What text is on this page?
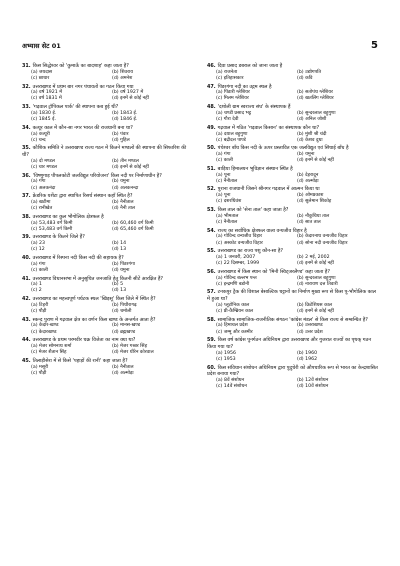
अभ्यास सेट 01	5
31. किस सिद्धेश्वर को 'कुमाऊँ का बादशाह' कहा जाता है?
(a) जयदास	(b) शिवराय
(c) छाधार	(d) अमनेश
32. उत्तराखण्ड में प्रथम बार नगर पंचायतों का गठन किया गया
(a) वर्ष 1921 में	(b) वर्ष 1927 में
(c) वर्ष 1831 में	(d) इनमें से कोई नहीं
33. 'गढ़वाल ट्रॉपिकल पार्क' की स्थापना कब हुई थी?
(a) 1830 ई.	(b) 1843 ई.
(c) 1845 ई.	(d) 1846 ई.
34. कत्यूर काल में कौन-सा नगर भारत की राजधानी बना था?
(a) कत्यूरी	(b) पंवार
(c) चन्द	(d) गुहिल
35. कौशिक समिति ने उत्तराखण्ड राज्य गठन में कितने मण्डलों की स्थापना की सिफारिश की थी?
(a) दो मण्डल	(b) तीन मण्डल
(c) चार मण्डल	(d) इनमें से कोई नहीं
36. 'विष्णुगाड़ पीपलकोटी जलविद्युत परियोजना' किस नदी पर निर्माणाधीन है?
(a) गंगा	(b) यमुना
(c) अलकनंदा	(d) अलकनन्दा
37. फ्रेडरिक यशेंटा द्वारा स्थापित रिसर्च संस्थान कहाँ स्थित है?
(a) खटीमा	(b) नैनीताल
(c) रानीखेत	(d) नैनी ताल
38. उत्तराखण्ड का कुल भौगोलिक क्षेत्रफल है
(a) 53,483 वर्ग किमी	(b) 60,460 वर्ग किमी
(c) 53,483 वर्ग किमी	(d) 65,460 वर्ग किमी
39. उत्तराखण्ड के कितने जिले हैं?
(a) 23	(b) 14
(c) 12	(d) 13
40. उत्तराखण्ड में रिस्पना नदी किस नदी की सहायक है?
(a) गंगा	(b) पिंडरगंगा
(c) काली	(d) यमुना
41. उत्तराखण्ड विधानसभा में अनुसूचित जनजाति हेतु कितनी सीटें आरक्षित हैं?
(a) 1	(b) 5
(c) 2	(d) 13
42. उत्तराखण्ड का महत्त्वपूर्ण पर्यटक स्थल 'खिड़सू' किस जिले में स्थित है?
(a) टिहरी	(b) पिथौरागढ़
(c) पौड़ी	(d) चमोली
43. स्कन्द पुराण में गढ़वाल क्षेत्र का वर्णन किस खण्ड के अन्तर्गत आता है?
(a) केदार-खण्ड	(b) मानस-खण्ड
(c) केदारखण्ड	(d) ब्रह्मखण्ड
44. उत्तराखण्ड के प्रथम परमवीर चक्र विजेता का नाम क्या था?
(a) मेजर सोमनाथ शर्मा	(b) मेजर गब्बर सिंह
(c) मेजर शैतान सिंह	(d) मेजर धीरेन कोरवाल
45. तिलाड़ीसेरा में से किसे 'पहाड़ों की रानी' कहा जाता है?
(a) मसूरी	(b) नैनीताल
(c) पौड़ी	(d) अल्मोड़ा
46. दिवा प्रसाद डबराल को जाना जाता है
(a) राजनेता	(b) उद्योगपति
(c) इतिहासकार	(d) कवि
47. पिंडरगंगा नदी का उद्गम स्थल है
(a) पिंडारी ग्लेशियर	(b) सतोपंथ ग्लेशियर
(c) मिलम ग्लेशियर	(d) खतलिंग ग्लेशियर
48. 'दशोली ग्राम स्वराज्य संघ' के संस्थापक हैं
(a) चण्डी प्रसाद भट्ट	(b) सुन्दरलाल बहुगुणा
(c) गौरा देवी	(d) अनिल जोशी
49. गढ़वाल में गठित 'गढ़वाल किसान' का संस्थापक कौन था?
(a) दयाल बहुगुणा	(b) मुंशी श्री चंदी
(c) बद्रीदत्त पाण्डे	(d) केशव दुधा
50. पंचेश्वर बाँध किस नदी के ऊपर प्रस्तावित एक जलविद्युत एवं सिंचाई बाँध है
(a) गंगा	(b) यमुना
(c) काली	(d) इनमें से कोई नहीं
51. बाड़िया हिमालयन भूविज्ञान संस्थान स्थित है
(a) पूना	(b) देहरादून
(c) नैनीताल	(d) अल्मोड़ा
52. पुराना राजधानी जिसने श्रीनगर गढ़वाल में आत्मन किया था
(a) पूना	(b) ओमप्रकाश
(c) दशरथिवंश	(d) सुलेमान शिकोह
53. किस ताल को 'सेना ताल' कहा जाता है?
(a) भीमताल	(b) नौकुचिया ताल
(c) नैनीताल	(d) सात ताल
54. राज्य का सर्वाधिक क्षेत्रफल वाला वन्यजीव विहार है
(a) गोविन्द वन्यजीव विहार	(b) केदारनाथ वन्यजीव विहार
(c) अस्कोट वन्यजीव विहार	(d) सोना नदी वन्यजीव विहार
55. उत्तराखण्ड का राज्य पशु कौन-सा है?
(a) 1 जनवरी, 2007	(b) 2 मई, 2002
(c) 22 दिसम्बर, 1999	(d) इनमें से कोई नहीं
56. उत्तराखण्ड में किस स्थान को 'मिनी स्विट्जरलैण्ड' कहा जाता है?
(a) गोविन्द बल्लभ पन्त	(b) सुन्दरलाल बहुगुणा
(c) इन्द्रमणि बडोनी	(d) नारायण दत्त तिवारी
57. टनकपुर ट्रैक की विशाल बेसाल्टिक चट्टानों का निर्माण मुख्य रूप से किस पू-भौगोलिक काल में हुआ था?
(a) प्लूटोनिक काल	(b) क्रिटेशियस काल
(c) प्री-कैम्ब्रियन काल	(d) इनमें से कोई नहीं
58. सामाजिक सामाजिक-राजनीतिक संगठन 'कांग्रेस मंडल' से किस राज्य से सम्बन्धित है?
(a) हिमाचल प्रदेश	(b) उत्तराखण्ड
(c) जम्मू और कश्मीर	(d) उत्तर प्रदेश
59. किस वर्ष कांग्रेस पुनर्गठन अधिनियम द्वारा उत्तराखण्ड और गुजरात राज्यों का पृथक् गठन किया गया था?
(a) 1956	(b) 1960
(c) 1953	(d) 1962
60. किस संविधान संशोधन अधिनियम द्वारा पुदुचेरी को औपचारिक रूप से भारत का केन्द्रशासित प्रदेश बनाया गया?
(a) 8वें संशोधन	(b) 12वें संशोधन
(c) 14वें संशोधन	(d) 10वें संशोधन
